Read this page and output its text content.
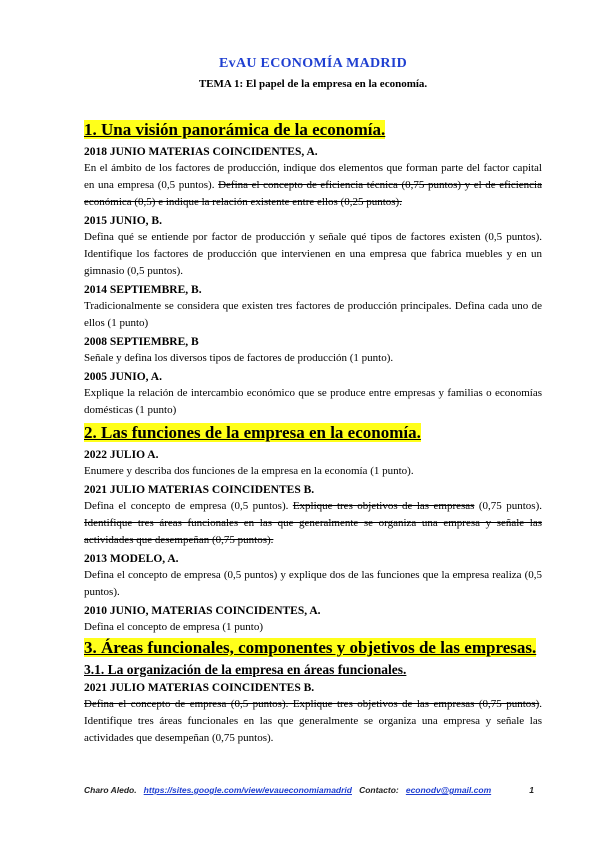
EvAU ECONOMÍA MADRID
TEMA 1: El papel de la empresa en la economía.
1. Una visión panorámica de la economía.
2018 JUNIO MATERIAS COINCIDENTES, A.
En el ámbito de los factores de producción, indique dos elementos que forman parte del factor capital en una empresa (0,5 puntos). Defina el concepto de eficiencia técnica (0,75 puntos) y el de eficiencia económica (0,5) e indique la relación existente entre ellos (0,25 puntos).
2015 JUNIO, B.
Defina qué se entiende por factor de producción y señale qué tipos de factores existen (0,5 puntos). Identifique los factores de producción que intervienen en una empresa que fabrica muebles y en un gimnasio (0,5 puntos).
2014 SEPTIEMBRE, B.
Tradicionalmente se considera que existen tres factores de producción principales. Defina cada uno de ellos (1 punto)
2008 SEPTIEMBRE, B
Señale y defina los diversos tipos de factores de producción (1 punto).
2005 JUNIO, A.
Explique la relación de intercambio económico que se produce entre empresas y familias o economías domésticas (1 punto)
2. Las funciones de la empresa en la economía.
2022 JULIO A.
Enumere y describa dos funciones de la empresa en la economía (1 punto).
2021 JULIO MATERIAS COINCIDENTES B.
Defina el concepto de empresa (0,5 puntos). Explique tres objetivos de las empresas (0,75 puntos). Identifique tres áreas funcionales en las que generalmente se organiza una empresa y señale las actividades que desempeñan (0,75 puntos).
2013 MODELO, A.
Defina el concepto de empresa (0,5 puntos) y explique dos de las funciones que la empresa realiza (0,5 puntos).
2010 JUNIO, MATERIAS COINCIDENTES, A.
Defina el concepto de empresa (1 punto)
3. Áreas funcionales, componentes y objetivos de las empresas.
3.1. La organización de la empresa en áreas funcionales.
2021 JULIO MATERIAS COINCIDENTES B.
Defina el concepto de empresa (0,5 puntos). Explique tres objetivos de las empresas (0,75 puntos). Identifique tres áreas funcionales en las que generalmente se organiza una empresa y señale las actividades que desempeñan (0,75 puntos).
Charo Aledo. https://sites.google.com/view/evaueconomiamadrid Contacto: econodv@gmail.com	1
